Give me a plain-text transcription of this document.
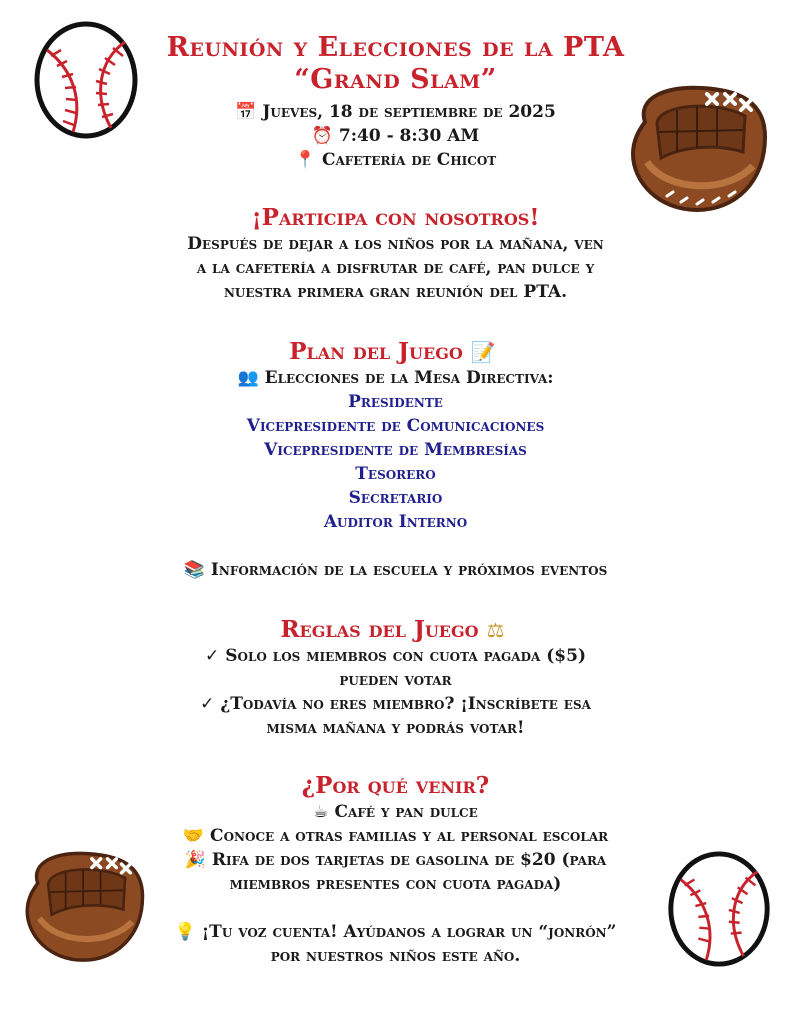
Reunión y Elecciones de la PTA
“Grand Slam”
📅 Jueves, 18 de septiembre de 2025
⏰ 7:40 - 8:30 AM
📍 Cafetería de Chicot
¡Participa con nosotros!
Después de dejar a los niños por la mañana, ven
a la cafetería a disfrutar de café, pan dulce y
nuestra primera gran reunión del PTA.
Plan del Juego 📝
👥 Elecciones de la Mesa Directiva:
Presidente
Vicepresidente de Comunicaciones
Vicepresidente de Membresías
Tesorero
Secretario
Auditor Interno
📚 Información de la escuela y próximos eventos
Reglas del Juego ⚖
✓ Solo los miembros con cuota pagada ($5)
pueden votar
✓ ¿Todavía no eres miembro? ¡Inscríbete esa
misma mañana y podrás votar!
¿Por qué venir?
☕ Café y pan dulce
🤝 Conoce a otras familias y al personal escolar
🎉 Rifa de dos tarjetas de gasolina de $20 (para
miembros presentes con cuota pagada)
💡 ¡Tu voz cuenta! Ayúdanos a lograr un “jonrón”
por nuestros niños este año.
